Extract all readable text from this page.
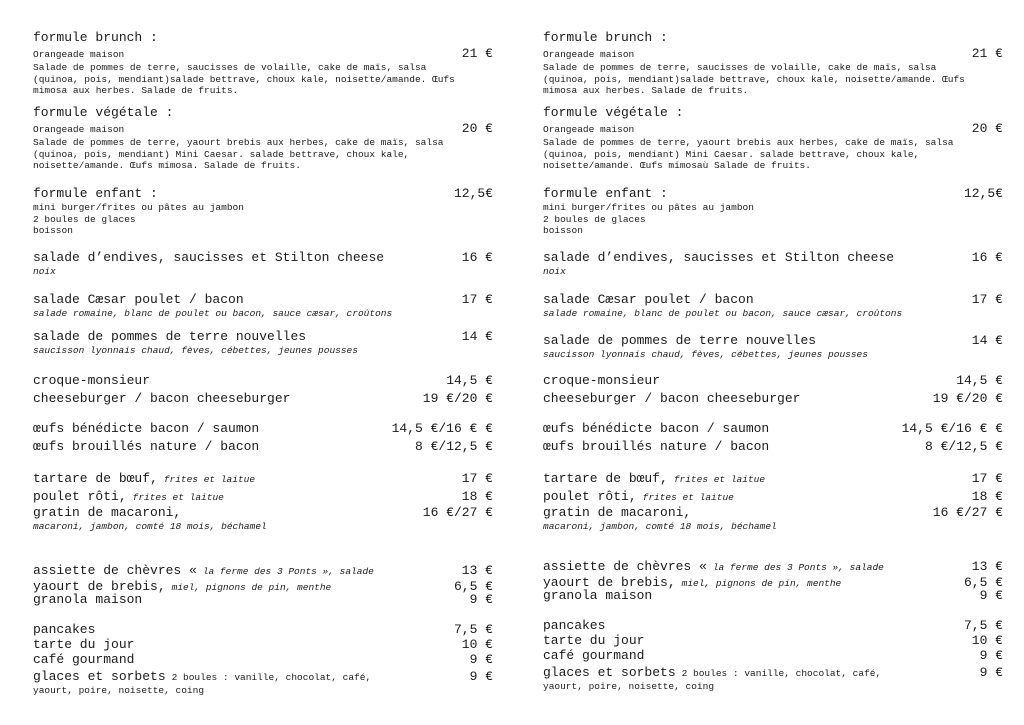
formule brunch :
Orangeade maison	21 €

Salade de pommes de terre, saucisses de volaille, cake de maïs, salsa (quinoa, pois, mendiant)salade bettrave, choux kale, noisette/amande. Œufs mimosa aux herbes. Salade de fruits.

formule végétale :
Orangeade maison	20 €

Salade de pommes de terre, yaourt brebis aux herbes, cake de maïs, salsa (quinoa, pois, mendiant) Mini Caesar. salade bettrave, choux kale, noisette/amande. Œufs mimosa. Salade de fruits.

formule enfant :	12,5€
mini burger/frites ou pâtes au jambon
2 boules de glaces
boisson
salade d’endives, saucisses et Stilton cheese	16 €
noix
salade Cæsar poulet / bacon	17 €
salade romaine, blanc de poulet ou bacon, sauce cæsar, croûtons
salade de pommes de terre nouvelles	14 €
saucisson lyonnais chaud, fèves, cébettes, jeunes pousses
croque-monsieur	14,5 €
cheeseburger / bacon cheeseburger	19 €/20 €
œufs bénédicte bacon / saumon	14,5 €/16 € €
œufs brouillés nature / bacon	8 €/12,5 €
tartare de bœuf, frites et laitue	17 €
poulet rôti, frites et laitue	18 €
gratin de macaroni,	16 €/27 €
macaroni, jambon, comté 18 mois, béchamel
assiette de chèvres « la ferme des 3 Ponts », salade	13 €
yaourt de brebis, miel, pignons de pin, menthe	6,5 €
granola maison	9 €
pancakes	7,5 €
tarte du jour	10 €
café gourmand	9 €
glaces et sorbets 2 boules : vanille, chocolat, café,	9 €
yaourt, poire, noisette, coing
formule brunch :
Orangeade maison	21 €

Salade de pommes de terre, saucisses de volaille, cake de maïs, salsa (quinoa, pois, mendiant)salade bettrave, choux kale, noisette/amande. Œufs mimosa aux herbes. Salade de fruits.

formule végétale :
Orangeade maison	20 €

Salade de pommes de terre, yaourt brebis aux herbes, cake de maïs, salsa (quinoa, pois, mendiant) Mini Caesar. salade bettrave, choux kale, noisette/amande. Œufs mimosaù Salade de fruits.

formule enfant :	12,5€
mini burger/frites ou pâtes au jambon
2 boules de glaces
boisson
salade d’endives, saucisses et Stilton cheese	16 €
noix
salade Cæsar poulet / bacon	17 €
salade romaine, blanc de poulet ou bacon, sauce cæsar, croûtons
salade de pommes de terre nouvelles	14 €
saucisson lyonnais chaud, fèves, cébettes, jeunes pousses
croque-monsieur	14,5 €
cheeseburger / bacon cheeseburger	19 €/20 €
œufs bénédicte bacon / saumon	14,5 €/16 € €
œufs brouillés nature / bacon	8 €/12,5 €
tartare de bœuf, frites et laitue	17 €
poulet rôti, frites et laitue	18 €
gratin de macaroni,	16 €/27 €
macaroni, jambon, comté 18 mois, béchamel
assiette de chèvres « la ferme des 3 Ponts », salade	13 €
yaourt de brebis, miel, pignons de pin, menthe	6,5 €
granola maison	9 €
pancakes	7,5 €
tarte du jour	10 €
café gourmand	9 €
glaces et sorbets 2 boules : vanille, chocolat, café,	9 €
yaourt, poire, noisette, coing
